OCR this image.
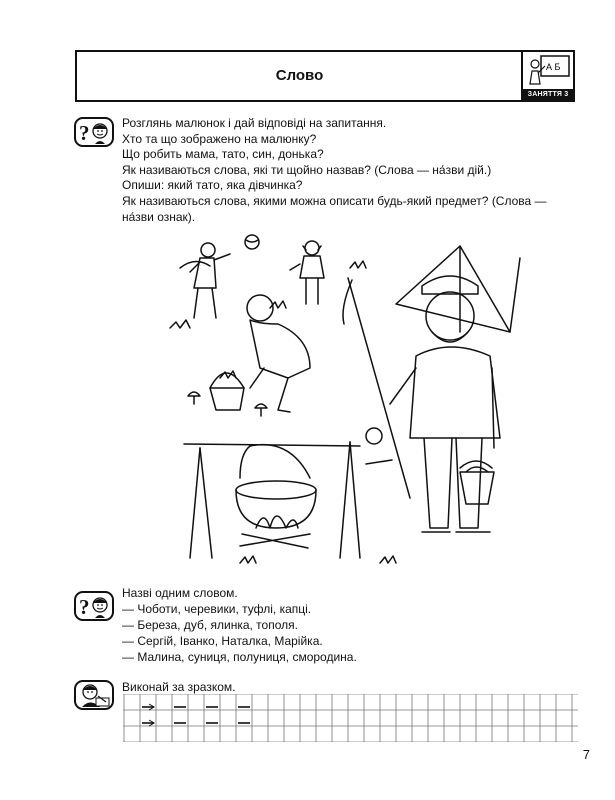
Слово	А Б
ЗАНЯТТЯ 3
?	Розглянь малюнок і дай відповіді на запитання.
Хто та що зображено на малюнку?
Що робить мама, тато, син, донька?
Як називаються слова, які ти щойно назвав? (Слова — на́зви дій.)
Опиши: який тато, яка дівчинка?
Як називаються слова, якими можна описати будь-який предмет? (Слова —
на́зви ознак).
?
Назві одним словом.
— Чоботи, черевики, туфлі, капці.
— Береза, дуб, ялинка, тополя.
— Сергій, Іванко, Наталка, Марійка.
— Малина, суниця, полуниця, смородина.
Виконай за зразком.
7
